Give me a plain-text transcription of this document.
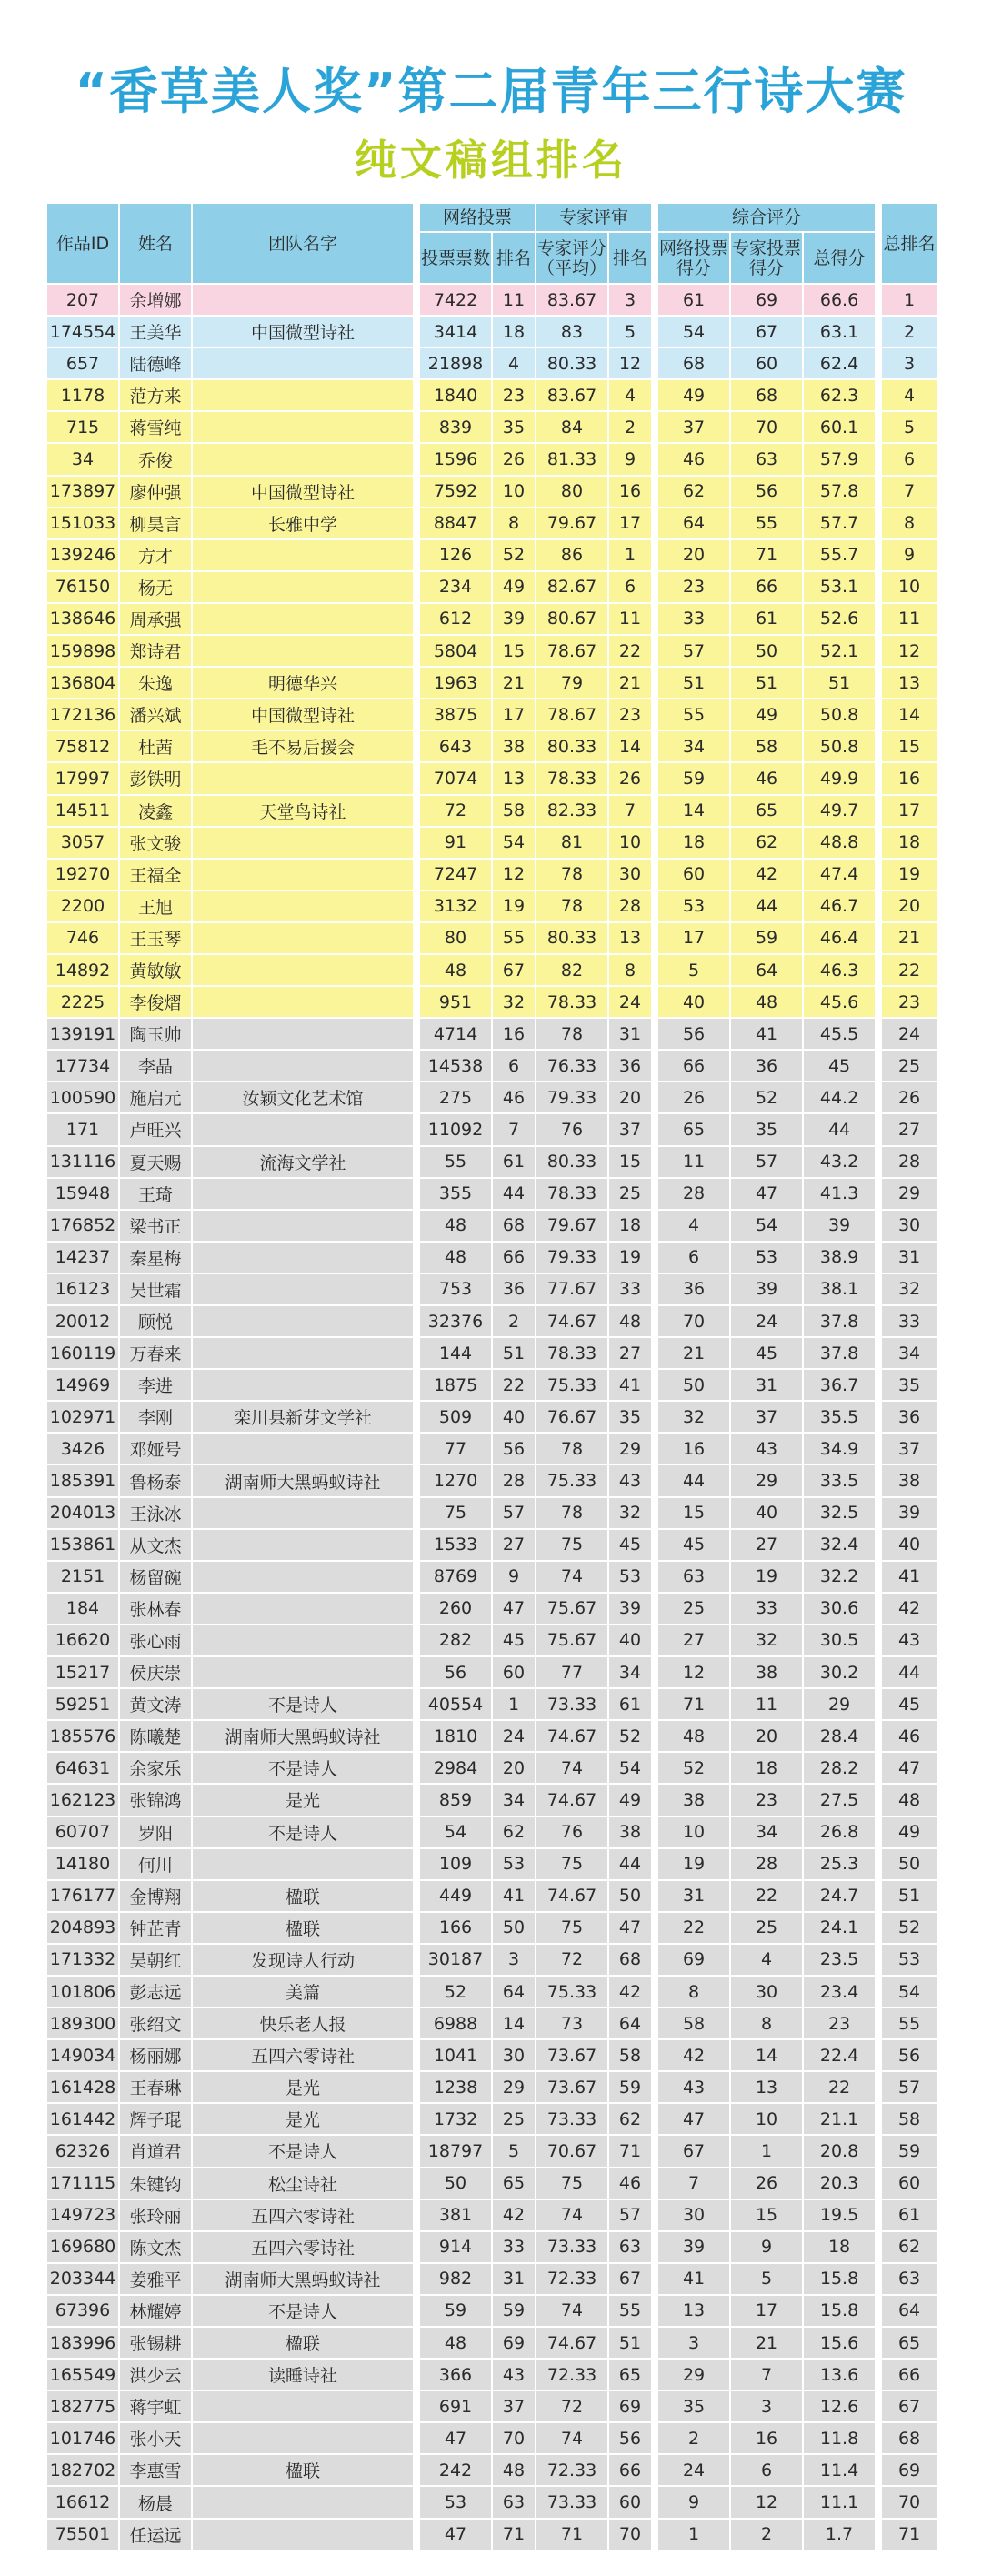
“香草美人奖”第二届青年三行诗大赛
纯文稿组排名
作品ID	姓名	团队名字		网络投票		专家评审			综合评分				总排名
				投票票数	排名	专家评分（平均）	排名		网络投票得分	专家投票得分	总得分		
207	余增娜			7422	11	83.67	3		61	69	66.6		1
174554	王美华	中国微型诗社		3414	18	83	5		54	67	63.1		2
657	陆德峰			21898	4	80.33	12		68	60	62.4		3
1178	范方来			1840	23	83.67	4		49	68	62.3		4
715	蒋雪纯			839	35	84	2		37	70	60.1		5
34	乔俊			1596	26	81.33	9		46	63	57.9		6
173897	廖仲强	中国微型诗社		7592	10	80	16		62	56	57.8		7
151033	柳昊言	长雅中学		8847	8	79.67	17		64	55	57.7		8
139246	方才			126	52	86	1		20	71	55.7		9
76150	杨无			234	49	82.67	6		23	66	53.1		10
138646	周承强			612	39	80.67	11		33	61	52.6		11
159898	郑诗君			5804	15	78.67	22		57	50	52.1		12
136804	朱逸	明德华兴		1963	21	79	21		51	51	51		13
172136	潘兴斌	中国微型诗社		3875	17	78.67	23		55	49	50.8		14
75812	杜茜	毛不易后援会		643	38	80.33	14		34	58	50.8		15
17997	彭铁明			7074	13	78.33	26		59	46	49.9		16
14511	凌鑫	天堂鸟诗社		72	58	82.33	7		14	65	49.7		17
3057	张文骏			91	54	81	10		18	62	48.8		18
19270	王福全			7247	12	78	30		60	42	47.4		19
2200	王旭			3132	19	78	28		53	44	46.7		20
746	王玉琴			80	55	80.33	13		17	59	46.4		21
14892	黄敏敏			48	67	82	8		5	64	46.3		22
2225	李俊熠			951	32	78.33	24		40	48	45.6		23
139191	陶玉帅			4714	16	78	31		56	41	45.5		24
17734	李晶			14538	6	76.33	36		66	36	45		25
100590	施启元	汝颖文化艺术馆		275	46	79.33	20		26	52	44.2		26
171	卢旺兴			11092	7	76	37		65	35	44		27
131116	夏天赐	流海文学社		55	61	80.33	15		11	57	43.2		28
15948	王琦			355	44	78.33	25		28	47	41.3		29
176852	梁书正			48	68	79.67	18		4	54	39		30
14237	秦星梅			48	66	79.33	19		6	53	38.9		31
16123	吴世霜			753	36	77.67	33		36	39	38.1		32
20012	顾悦			32376	2	74.67	48		70	24	37.8		33
160119	万春来			144	51	78.33	27		21	45	37.8		34
14969	李进			1875	22	75.33	41		50	31	36.7		35
102971	李刚	栾川县新芽文学社		509	40	76.67	35		32	37	35.5		36
3426	邓娅号			77	56	78	29		16	43	34.9		37
185391	鲁杨泰	湖南师大黑蚂蚁诗社		1270	28	75.33	43		44	29	33.5		38
204013	王泳冰			75	57	78	32		15	40	32.5		39
153861	从文杰			1533	27	75	45		45	27	32.4		40
2151	杨留碗			8769	9	74	53		63	19	32.2		41
184	张林春			260	47	75.67	39		25	33	30.6		42
16620	张心雨			282	45	75.67	40		27	32	30.5		43
15217	侯庆崇			56	60	77	34		12	38	30.2		44
59251	黄文涛	不是诗人		40554	1	73.33	61		71	11	29		45
185576	陈曦楚	湖南师大黑蚂蚁诗社		1810	24	74.67	52		48	20	28.4		46
64631	余家乐	不是诗人		2984	20	74	54		52	18	28.2		47
162123	张锦鸿	是光		859	34	74.67	49		38	23	27.5		48
60707	罗阳	不是诗人		54	62	76	38		10	34	26.8		49
14180	何川			109	53	75	44		19	28	25.3		50
176177	金博翔	楹联		449	41	74.67	50		31	22	24.7		51
204893	钟芷青	楹联		166	50	75	47		22	25	24.1		52
171332	吴朝红	发现诗人行动		30187	3	72	68		69	4	23.5		53
101806	彭志远	美篇		52	64	75.33	42		8	30	23.4		54
189300	张绍文	快乐老人报		6988	14	73	64		58	8	23		55
149034	杨丽娜	五四六零诗社		1041	30	73.67	58		42	14	22.4		56
161428	王春琳	是光		1238	29	73.67	59		43	13	22		57
161442	辉子琨	是光		1732	25	73.33	62		47	10	21.1		58
62326	肖道君	不是诗人		18797	5	70.67	71		67	1	20.8		59
171115	朱键钧	松尘诗社		50	65	75	46		7	26	20.3		60
149723	张玲丽	五四六零诗社		381	42	74	57		30	15	19.5		61
169680	陈文杰	五四六零诗社		914	33	73.33	63		39	9	18		62
203344	姜雅平	湖南师大黑蚂蚁诗社		982	31	72.33	67		41	5	15.8		63
67396	林耀婷	不是诗人		59	59	74	55		13	17	15.8		64
183996	张锡耕	楹联		48	69	74.67	51		3	21	15.6		65
165549	洪少云	读睡诗社		366	43	72.33	65		29	7	13.6		66
182775	蒋宇虹			691	37	72	69		35	3	12.6		67
101746	张小天			47	70	74	56		2	16	11.8		68
182702	李惠雪	楹联		242	48	72.33	66		24	6	11.4		69
16612	杨晨			53	63	73.33	60		9	12	11.1		70
75501	任运远			47	71	71	70		1	2	1.7		71
